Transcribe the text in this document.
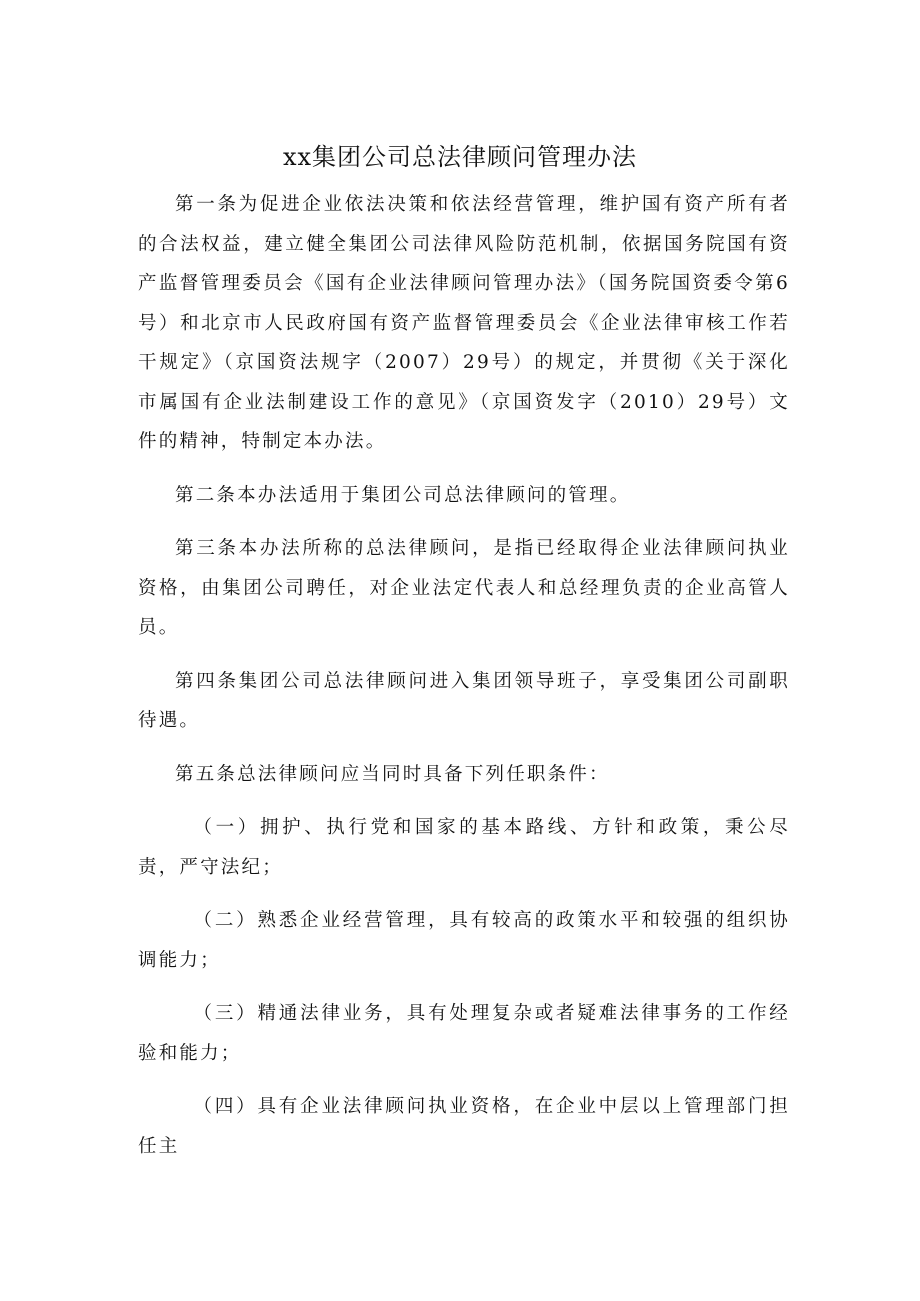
xx集团公司总法律顾问管理办法

第一条为促进企业依法决策和依法经营管理，维护国有资产所有者的合法权益，建立健全集团公司法律风险防范机制，依据国务院国有资产监督管理委员会《国有企业法律顾问管理办法》（国务院国资委令第6号）和北京市人民政府国有资产监督管理委员会《企业法律审核工作若干规定》（京国资法规字（2007）29号）的规定，并贯彻《关于深化市属国有企业法制建设工作的意见》（京国资发字（2010）29号）文件的精神，特制定本办法。

第二条本办法适用于集团公司总法律顾问的管理。

第三条本办法所称的总法律顾问，是指已经取得企业法律顾问执业资格，由集团公司聘任，对企业法定代表人和总经理负责的企业高管人员。

第四条集团公司总法律顾问进入集团领导班子，享受集团公司副职待遇。

第五条总法律顾问应当同时具备下列任职条件：

（一）拥护、执行党和国家的基本路线、方针和政策，秉公尽责，严守法纪；

（二）熟悉企业经营管理，具有较高的政策水平和较强的组织协调能力；

（三）精通法律业务，具有处理复杂或者疑难法律事务的工作经验和能力；

（四）具有企业法律顾问执业资格，在企业中层以上管理部门担任主
